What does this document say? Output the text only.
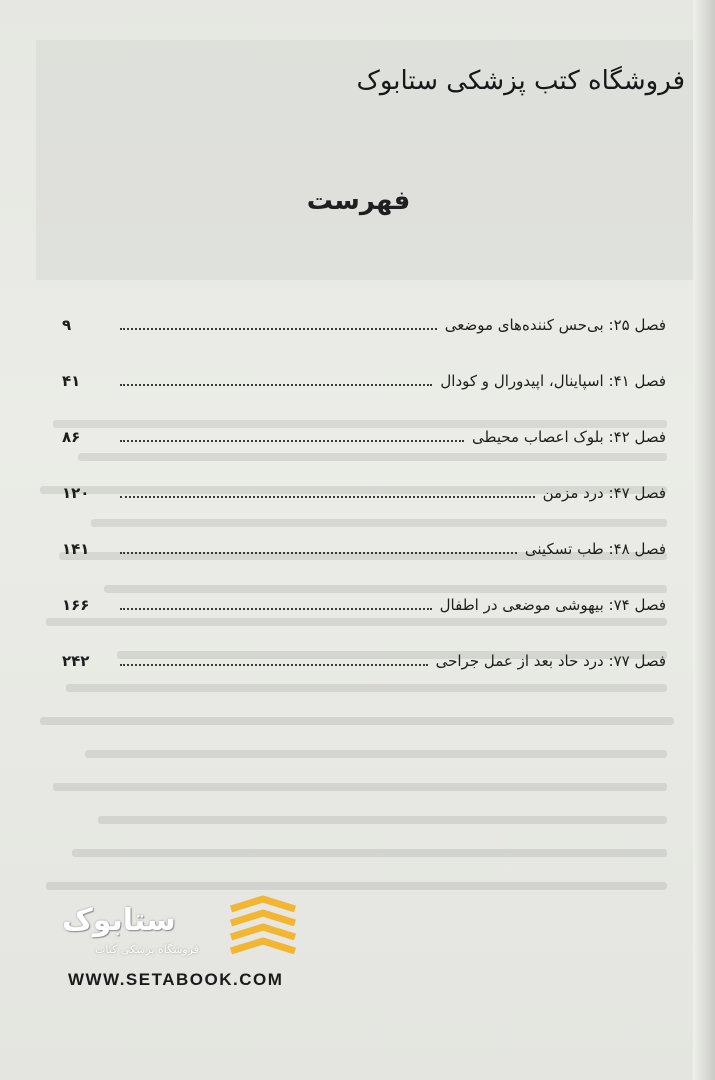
فروشگاه کتب پزشکی ستابوک
فهرست
فصل ۲۵: بی‌حس کننده‌های موضعی
۹
فصل ۴۱: اسپاینال، اپیدورال و کودال
۴۱
فصل ۴۲: بلوک اعصاب محیطی
۸۶
فصل ۴۷: درد مزمن
۱۲۰
فصل ۴۸: طب تسکینی
۱۴۱
فصل ۷۴: بیهوشی موضعی در اطفال
۱۶۶
فصل ۷۷: درد حاد بعد از عمل جراحی
۲۴۲
ستابوک
فروشگاه پزشکی کتاب
WWW.SETABOOK.COM
